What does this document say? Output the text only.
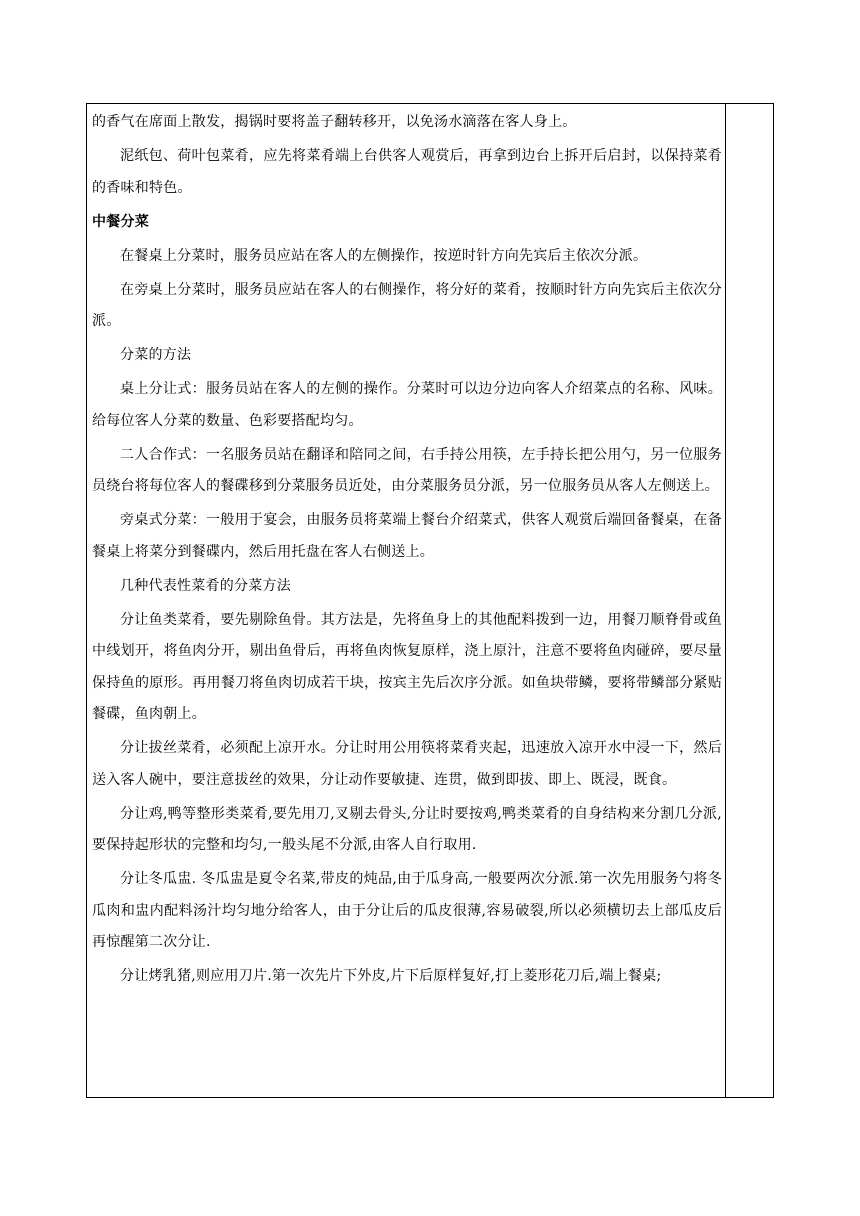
的香气在席面上散发，揭锅时要将盖子翻转移开，以免汤水滴落在客人身上。

泥纸包、荷叶包菜肴，应先将菜肴端上台供客人观赏后，再拿到边台上拆开后启封，以保持菜肴的香味和特色。

中餐分菜

在餐桌上分菜时，服务员应站在客人的左侧操作，按逆时针方向先宾后主依次分派。

在旁桌上分菜时，服务员应站在客人的右侧操作，将分好的菜肴，按顺时针方向先宾后主依次分派。

分菜的方法

桌上分让式：服务员站在客人的左侧的操作。分菜时可以边分边向客人介绍菜点的名称、风味。给每位客人分菜的数量、色彩要搭配均匀。

二人合作式：一名服务员站在翻译和陪同之间，右手持公用筷，左手持长把公用勺，另一位服务员绕台将每位客人的餐碟移到分菜服务员近处，由分菜服务员分派，另一位服务员从客人左侧送上。

旁桌式分菜：一般用于宴会，由服务员将菜端上餐台介绍菜式，供客人观赏后端回备餐桌，在备餐桌上将菜分到餐碟内，然后用托盘在客人右侧送上。

几种代表性菜肴的分菜方法

分让鱼类菜肴，要先剔除鱼骨。其方法是，先将鱼身上的其他配料拨到一边，用餐刀顺脊骨或鱼中线划开，将鱼肉分开，剔出鱼骨后，再将鱼肉恢复原样，浇上原汁，注意不要将鱼肉碰碎，要尽量保持鱼的原形。再用餐刀将鱼肉切成若干块，按宾主先后次序分派。如鱼块带鳞，要将带鳞部分紧贴餐碟，鱼肉朝上。

分让拔丝菜肴，必须配上凉开水。分让时用公用筷将菜肴夹起，迅速放入凉开水中浸一下，然后送入客人碗中，要注意拔丝的效果，分让动作要敏捷、连贯，做到即拔、即上、既浸，既食。

分让鸡,鸭等整形类菜肴,要先用刀,叉剔去骨头,分让时要按鸡,鸭类菜肴的自身结构来分割几分派,要保持起形状的完整和均匀,一般头尾不分派,由客人自行取用.

分让冬瓜盅. 冬瓜盅是夏令名菜,带皮的炖品,由于瓜身高,一般要两次分派.第一次先用服务勺将冬瓜肉和盅内配料汤汁均匀地分给客人，由于分让后的瓜皮很薄,容易破裂,所以必须横切去上部瓜皮后再惊醒第二次分让.

分让烤乳猪,则应用刀片.第一次先片下外皮,片下后原样复好,打上菱形花刀后,端上餐桌;
